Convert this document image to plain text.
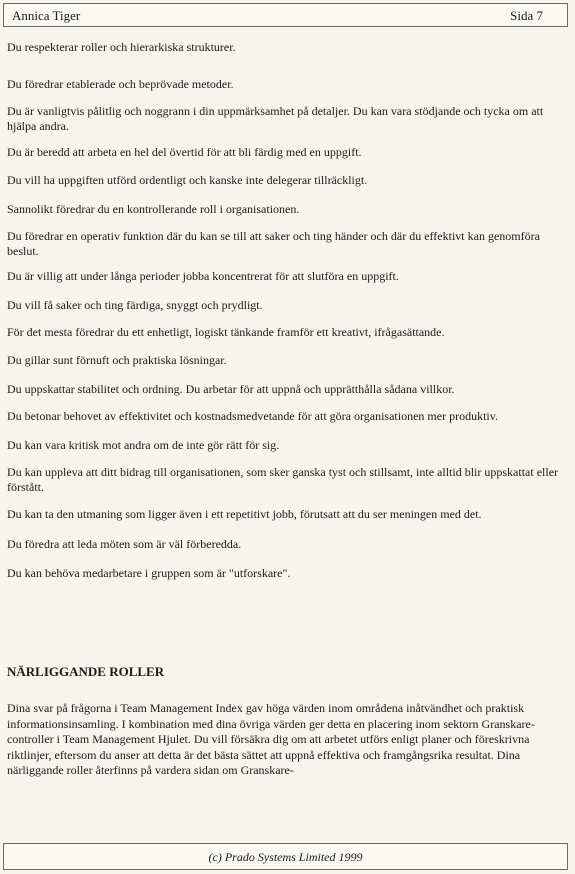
Annica Tiger	Sida 7

Du respekterar roller och hierarkiska strukturer.

Du föredrar etablerade och beprövade metoder.

Du är vanligtvis pålitlig och noggrann i din uppmärksamhet på detaljer. Du kan vara stödjande och tycka om att hjälpa andra.

Du är beredd att arbeta en hel del övertid för att bli färdig med en uppgift.

Du vill ha uppgiften utförd ordentligt och kanske inte delegerar tillräckligt.

Sannolikt föredrar du en kontrollerande roll i organisationen.

Du föredrar en operativ funktion där du kan se till att saker och ting händer och där du effektivt kan genomföra beslut.

Du är villig att under långa perioder jobba koncentrerat för att slutföra en uppgift.

Du vill få saker och ting färdiga, snyggt och prydligt.

För det mesta föredrar du ett enhetligt, logiskt tänkande framför ett kreativt, ifrågasättande.

Du gillar sunt förnuft och praktiska lösningar.

Du uppskattar stabilitet och ordning. Du arbetar för att uppnå och upprätthålla sådana villkor.

Du betonar behovet av effektivitet och kostnadsmedvetande för att göra organisationen mer produktiv.

Du kan vara kritisk mot andra om de inte gör rätt för sig.

Du kan uppleva att ditt bidrag till organisationen, som sker ganska tyst och stillsamt, inte alltid blir uppskattat eller förstått.

Du kan ta den utmaning som ligger även i ett repetitivt jobb, förutsatt att du ser meningen med det.

Du föredra att leda möten som är väl förberedda.

Du kan behöva medarbetare i gruppen som är "utforskare".

NÄRLIGGANDE ROLLER

Dina svar på frågorna i Team Management Index gav höga värden inom områdena inåtvändhet och praktisk informationsinsamling. I kombination med dina övriga värden ger detta en placering inom sektorn Granskare-controller i Team Management Hjulet. Du vill försäkra dig om att arbetet utförs enligt planer och föreskrivna riktlinjer, eftersom du anser att detta är det bästa sättet att uppnå effektiva och framgångsrika resultat. Dina närliggande roller återfinns på vardera sidan om Granskare-

(c) Prado Systems Limited 1999
